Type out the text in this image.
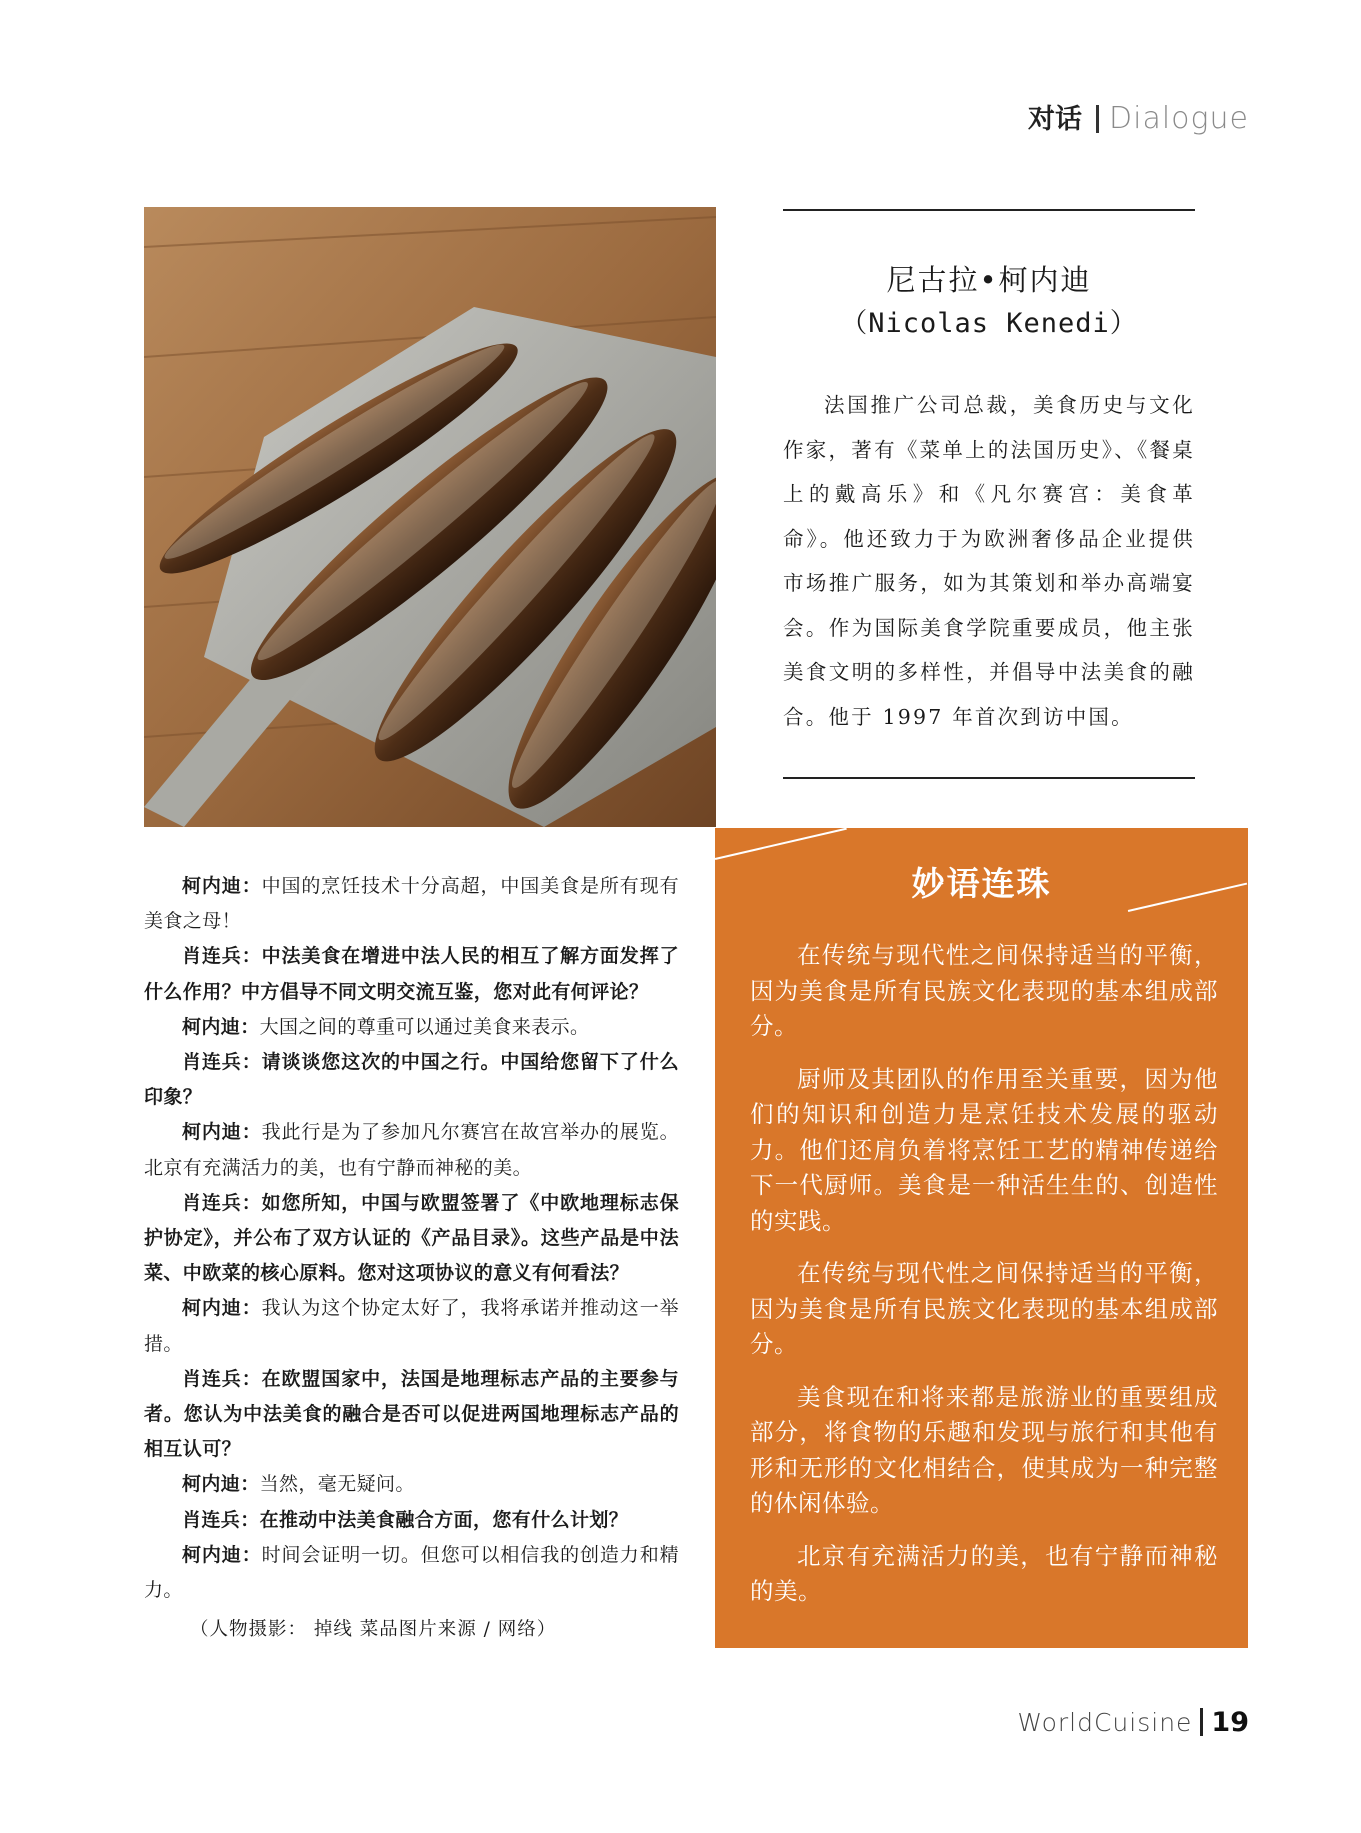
对话 Dialogue
尼古拉•柯内迪
（Nicolas Kenedi）

法国推广公司总裁，美食历史与文化作家，著有《菜单上的法国历史》、《餐桌上的戴高乐》和《凡尔赛宫：美食革命》。他还致力于为欧洲奢侈品企业提供市场推广服务，如为其策划和举办高端宴会。作为国际美食学院重要成员，他主张美食文明的多样性，并倡导中法美食的融合。他于 1997 年首次到访中国。

柯内迪：中国的烹饪技术十分高超，中国美食是所有现有美食之母！

肖连兵：中法美食在增进中法人民的相互了解方面发挥了什么作用？中方倡导不同文明交流互鉴，您对此有何评论？

柯内迪：大国之间的尊重可以通过美食来表示。

肖连兵：请谈谈您这次的中国之行。中国给您留下了什么印象？

柯内迪：我此行是为了参加凡尔赛宫在故宫举办的展览。北京有充满活力的美，也有宁静而神秘的美。

肖连兵：如您所知，中国与欧盟签署了《中欧地理标志保护协定》，并公布了双方认证的《产品目录》。这些产品是中法菜、中欧菜的核心原料。您对这项协议的意义有何看法？

柯内迪：我认为这个协定太好了，我将承诺并推动这一举措。

肖连兵：在欧盟国家中，法国是地理标志产品的主要参与者。您认为中法美食的融合是否可以促进两国地理标志产品的相互认可？

柯内迪：当然，毫无疑问。

肖连兵：在推动中法美食融合方面，您有什么计划？

柯内迪：时间会证明一切。但您可以相信我的创造力和精力。

（人物摄影： 掉线 菜品图片来源 / 网络）

妙语连珠

在传统与现代性之间保持适当的平衡，因为美食是所有民族文化表现的基本组成部分。

厨师及其团队的作用至关重要，因为他们的知识和创造力是烹饪技术发展的驱动力。他们还肩负着将烹饪工艺的精神传递给下一代厨师。美食是一种活生生的、创造性的实践。

在传统与现代性之间保持适当的平衡，因为美食是所有民族文化表现的基本组成部分。

美食现在和将来都是旅游业的重要组成部分，将食物的乐趣和发现与旅行和其他有形和无形的文化相结合，使其成为一种完整的休闲体验。

北京有充满活力的美，也有宁静而神秘的美。

WorldCuisine 19
